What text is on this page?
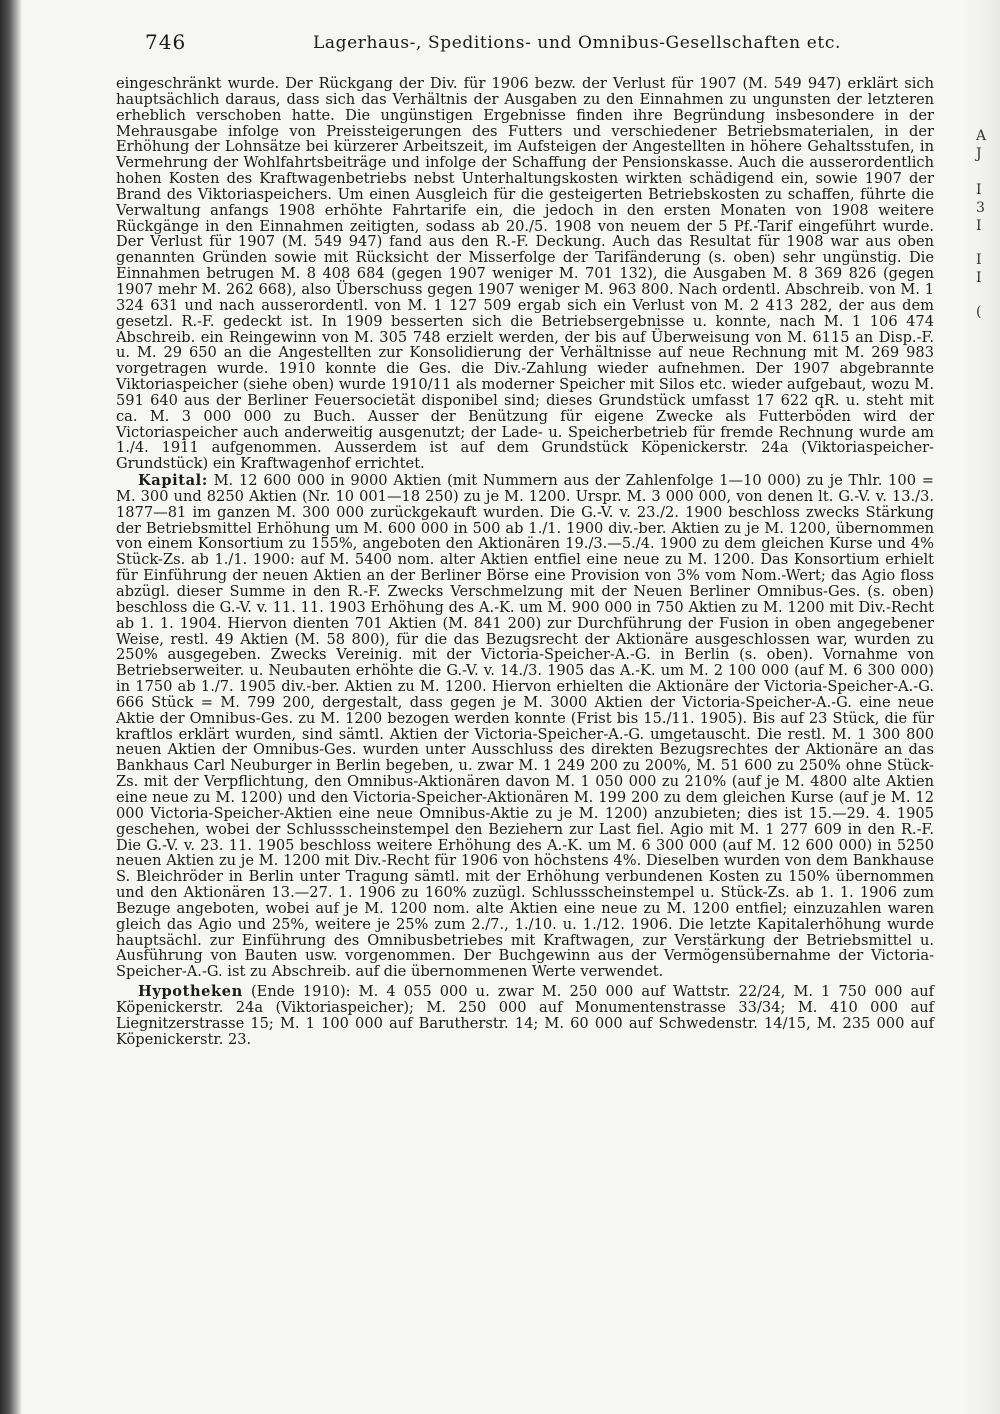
A
J
I
3
I
I
I
(
746	Lagerhaus-, Speditions- und Omnibus-Gesellschaften etc.

eingeschränkt wurde. Der Rückgang der Div. für 1906 bezw. der Verlust für 1907 (M. 549 947) erklärt sich hauptsächlich daraus, dass sich das Verhältnis der Ausgaben zu den Einnahmen zu ungunsten der letzteren erheblich verschoben hatte. Die ungünstigen Ergebnisse finden ihre Begründung insbesondere in der Mehrausgabe infolge von Preissteigerungen des Futters und verschiedener Betriebsmaterialen, in der Erhöhung der Lohnsätze bei kürzerer Arbeitszeit, im Aufsteigen der Angestellten in höhere Gehaltsstufen, in Vermehrung der Wohlfahrtsbeiträge und infolge der Schaffung der Pensionskasse. Auch die ausserordentlich hohen Kosten des Kraftwagenbetriebs nebst Unterhaltungskosten wirkten schädigend ein, sowie 1907 der Brand des Viktoriaspeichers. Um einen Ausgleich für die gesteigerten Betriebskosten zu schaffen, führte die Verwaltung anfangs 1908 erhöhte Fahrtarife ein, die jedoch in den ersten Monaten von 1908 weitere Rückgänge in den Einnahmen zeitigten, sodass ab 20./5. 1908 von neuem der 5 Pf.-Tarif eingeführt wurde. Der Verlust für 1907 (M. 549 947) fand aus den R.-F. Deckung. Auch das Resultat für 1908 war aus oben genannten Gründen sowie mit Rücksicht der Misserfolge der Tarifänderung (s. oben) sehr ungünstig. Die Einnahmen betrugen M. 8 408 684 (gegen 1907 weniger M. 701 132), die Ausgaben M. 8 369 826 (gegen 1907 mehr M. 262 668), also Überschuss gegen 1907 weniger M. 963 800. Nach ordentl. Abschreib. von M. 1 324 631 und nach ausserordentl. von M. 1 127 509 ergab sich ein Verlust von M. 2 413 282, der aus dem gesetzl. R.-F. gedeckt ist. In 1909 besserten sich die Betriebsergebnisse u. konnte, nach M. 1 106 474 Abschreib. ein Reingewinn von M. 305 748 erzielt werden, der bis auf Überweisung von M. 6115 an Disp.-F. u. M. 29 650 an die Angestellten zur Konsolidierung der Verhältnisse auf neue Rechnung mit M. 269 983 vorgetragen wurde. 1910 konnte die Ges. die Div.-Zahlung wieder aufnehmen. Der 1907 abgebrannte Viktoriaspeicher (siehe oben) wurde 1910/11 als moderner Speicher mit Silos etc. wieder aufgebaut, wozu M. 591 640 aus der Berliner Feuersocietät disponibel sind; dieses Grundstück umfasst 17 622 qR. u. steht mit ca. M. 3 000 000 zu Buch. Ausser der Benützung für eigene Zwecke als Futterböden wird der Victoriaspeicher auch anderweitig ausgenutzt; der Lade- u. Speicherbetrieb für fremde Rechnung wurde am 1./4. 1911 aufgenommen. Ausserdem ist auf dem Grundstück Köpenickerstr. 24a (Viktoriaspeicher-Grundstück) ein Kraftwagenhof errichtet.

Kapital: M. 12 600 000 in 9000 Aktien (mit Nummern aus der Zahlenfolge 1—10 000) zu je Thlr. 100 = M. 300 und 8250 Aktien (Nr. 10 001—18 250) zu je M. 1200. Urspr. M. 3 000 000, von denen lt. G.-V. v. 13./3. 1877—81 im ganzen M. 300 000 zurückgekauft wurden. Die G.-V. v. 23./2. 1900 beschloss zwecks Stärkung der Betriebsmittel Erhöhung um M. 600 000 in 500 ab 1./1. 1900 div.-ber. Aktien zu je M. 1200, übernommen von einem Konsortium zu 155%, angeboten den Aktionären 19./3.—5./4. 1900 zu dem gleichen Kurse und 4% Stück-Zs. ab 1./1. 1900: auf M. 5400 nom. alter Aktien entfiel eine neue zu M. 1200. Das Konsortium erhielt für Einführung der neuen Aktien an der Berliner Börse eine Provision von 3% vom Nom.-Wert; das Agio floss abzügl. dieser Summe in den R.-F. Zwecks Verschmelzung mit der Neuen Berliner Omnibus-Ges. (s. oben) beschloss die G.-V. v. 11. 11. 1903 Erhöhung des A.-K. um M. 900 000 in 750 Aktien zu M. 1200 mit Div.-Recht ab 1. 1. 1904. Hiervon dienten 701 Aktien (M. 841 200) zur Durchführung der Fusion in oben angegebener Weise, restl. 49 Aktien (M. 58 800), für die das Bezugsrecht der Aktionäre ausgeschlossen war, wurden zu 250% ausgegeben. Zwecks Vereinig. mit der Victoria-Speicher-A.-G. in Berlin (s. oben). Vornahme von Betriebserweiter. u. Neubauten erhöhte die G.-V. v. 14./3. 1905 das A.-K. um M. 2 100 000 (auf M. 6 300 000) in 1750 ab 1./7. 1905 div.-ber. Aktien zu M. 1200. Hiervon erhielten die Aktionäre der Victoria-Speicher-A.-G. 666 Stück = M. 799 200, dergestalt, dass gegen je M. 3000 Aktien der Victoria-Speicher-A.-G. eine neue Aktie der Omnibus-Ges. zu M. 1200 bezogen werden konnte (Frist bis 15./11. 1905). Bis auf 23 Stück, die für kraftlos erklärt wurden, sind sämtl. Aktien der Victoria-Speicher-A.-G. umgetauscht. Die restl. M. 1 300 800 neuen Aktien der Omnibus-Ges. wurden unter Ausschluss des direkten Bezugsrechtes der Aktionäre an das Bankhaus Carl Neuburger in Berlin begeben, u. zwar M. 1 249 200 zu 200%, M. 51 600 zu 250% ohne Stück-Zs. mit der Verpflichtung, den Omnibus-Aktionären davon M. 1 050 000 zu 210% (auf je M. 4800 alte Aktien eine neue zu M. 1200) und den Victoria-Speicher-Aktionären M. 199 200 zu dem gleichen Kurse (auf je M. 12 000 Victoria-Speicher-Aktien eine neue Omnibus-Aktie zu je M. 1200) anzubieten; dies ist 15.—29. 4. 1905 geschehen, wobei der Schlussscheinstempel den Beziehern zur Last fiel. Agio mit M. 1 277 609 in den R.-F. Die G.-V. v. 23. 11. 1905 beschloss weitere Erhöhung des A.-K. um M. 6 300 000 (auf M. 12 600 000) in 5250 neuen Aktien zu je M. 1200 mit Div.-Recht für 1906 von höchstens 4%. Dieselben wurden von dem Bankhause S. Bleichröder in Berlin unter Tragung sämtl. mit der Erhöhung verbundenen Kosten zu 150% übernommen und den Aktionären 13.—27. 1. 1906 zu 160% zuzügl. Schlussscheinstempel u. Stück-Zs. ab 1. 1. 1906 zum Bezuge angeboten, wobei auf je M. 1200 nom. alte Aktien eine neue zu M. 1200 entfiel; einzuzahlen waren gleich das Agio und 25%, weitere je 25% zum 2./7., 1./10. u. 1./12. 1906. Die letzte Kapitalerhöhung wurde hauptsächl. zur Einführung des Omnibusbetriebes mit Kraftwagen, zur Verstärkung der Betriebsmittel u. Ausführung von Bauten usw. vorgenommen. Der Buchgewinn aus der Vermögensübernahme der Victoria-Speicher-A.-G. ist zu Abschreib. auf die übernommenen Werte verwendet.

Hypotheken (Ende 1910): M. 4 055 000 u. zwar M. 250 000 auf Wattstr. 22/24, M. 1 750 000 auf Köpenickerstr. 24a (Viktoriaspeicher); M. 250 000 auf Monumentenstrasse 33/34; M. 410 000 auf Liegnitzerstrasse 15; M. 1 100 000 auf Barutherstr. 14; M. 60 000 auf Schwedenstr. 14/15, M. 235 000 auf Köpenickerstr. 23.
